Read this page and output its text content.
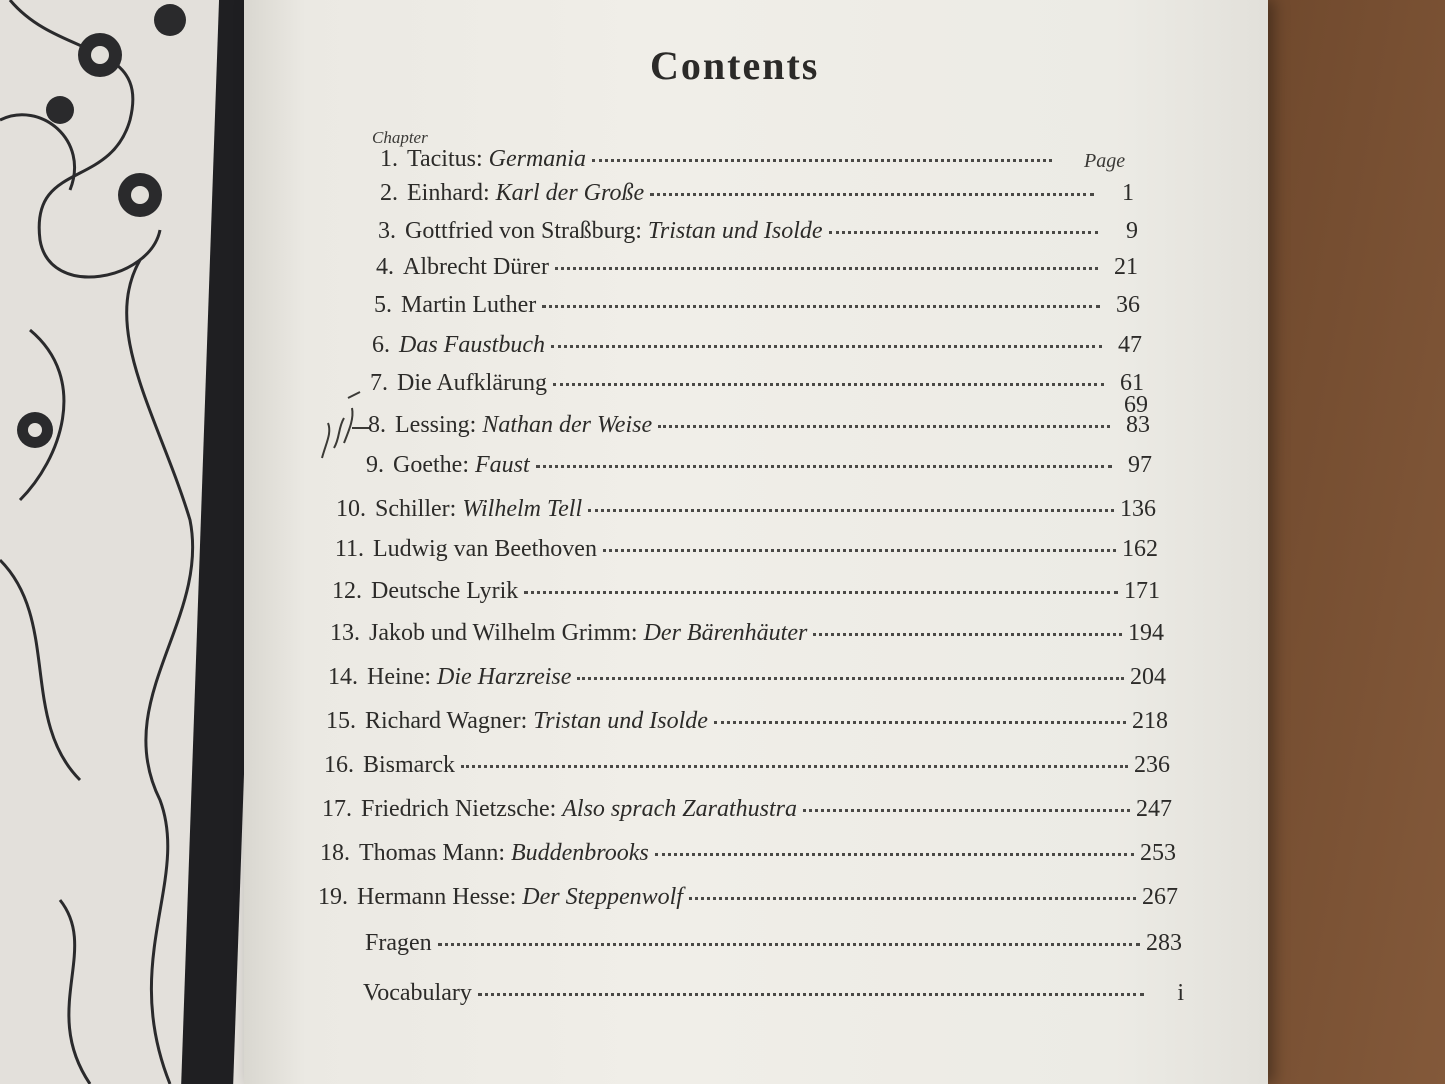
Contents
Chapter
Page
1. Tacitus: Germania
2. Einhard: Karl der Große	1
3. Gottfried von Straßburg: Tristan und Isolde	9
4. Albrecht Dürer	21
5. Martin Luther	36
6. Das Faustbuch	47
7. Die Aufklärung	61
69
8. Lessing: Nathan der Weise	83
9. Goethe: Faust	97
10. Schiller: Wilhelm Tell	136
11. Ludwig van Beethoven	162
12. Deutsche Lyrik	171
13. Jakob und Wilhelm Grimm: Der Bärenhäuter	194
14. Heine: Die Harzreise	204
15. Richard Wagner: Tristan und Isolde	218
16. Bismarck	236
17. Friedrich Nietzsche: Also sprach Zarathustra	247
18. Thomas Mann: Buddenbrooks	253
19. Hermann Hesse: Der Steppenwolf	267
Fragen	283
Vocabulary	i
